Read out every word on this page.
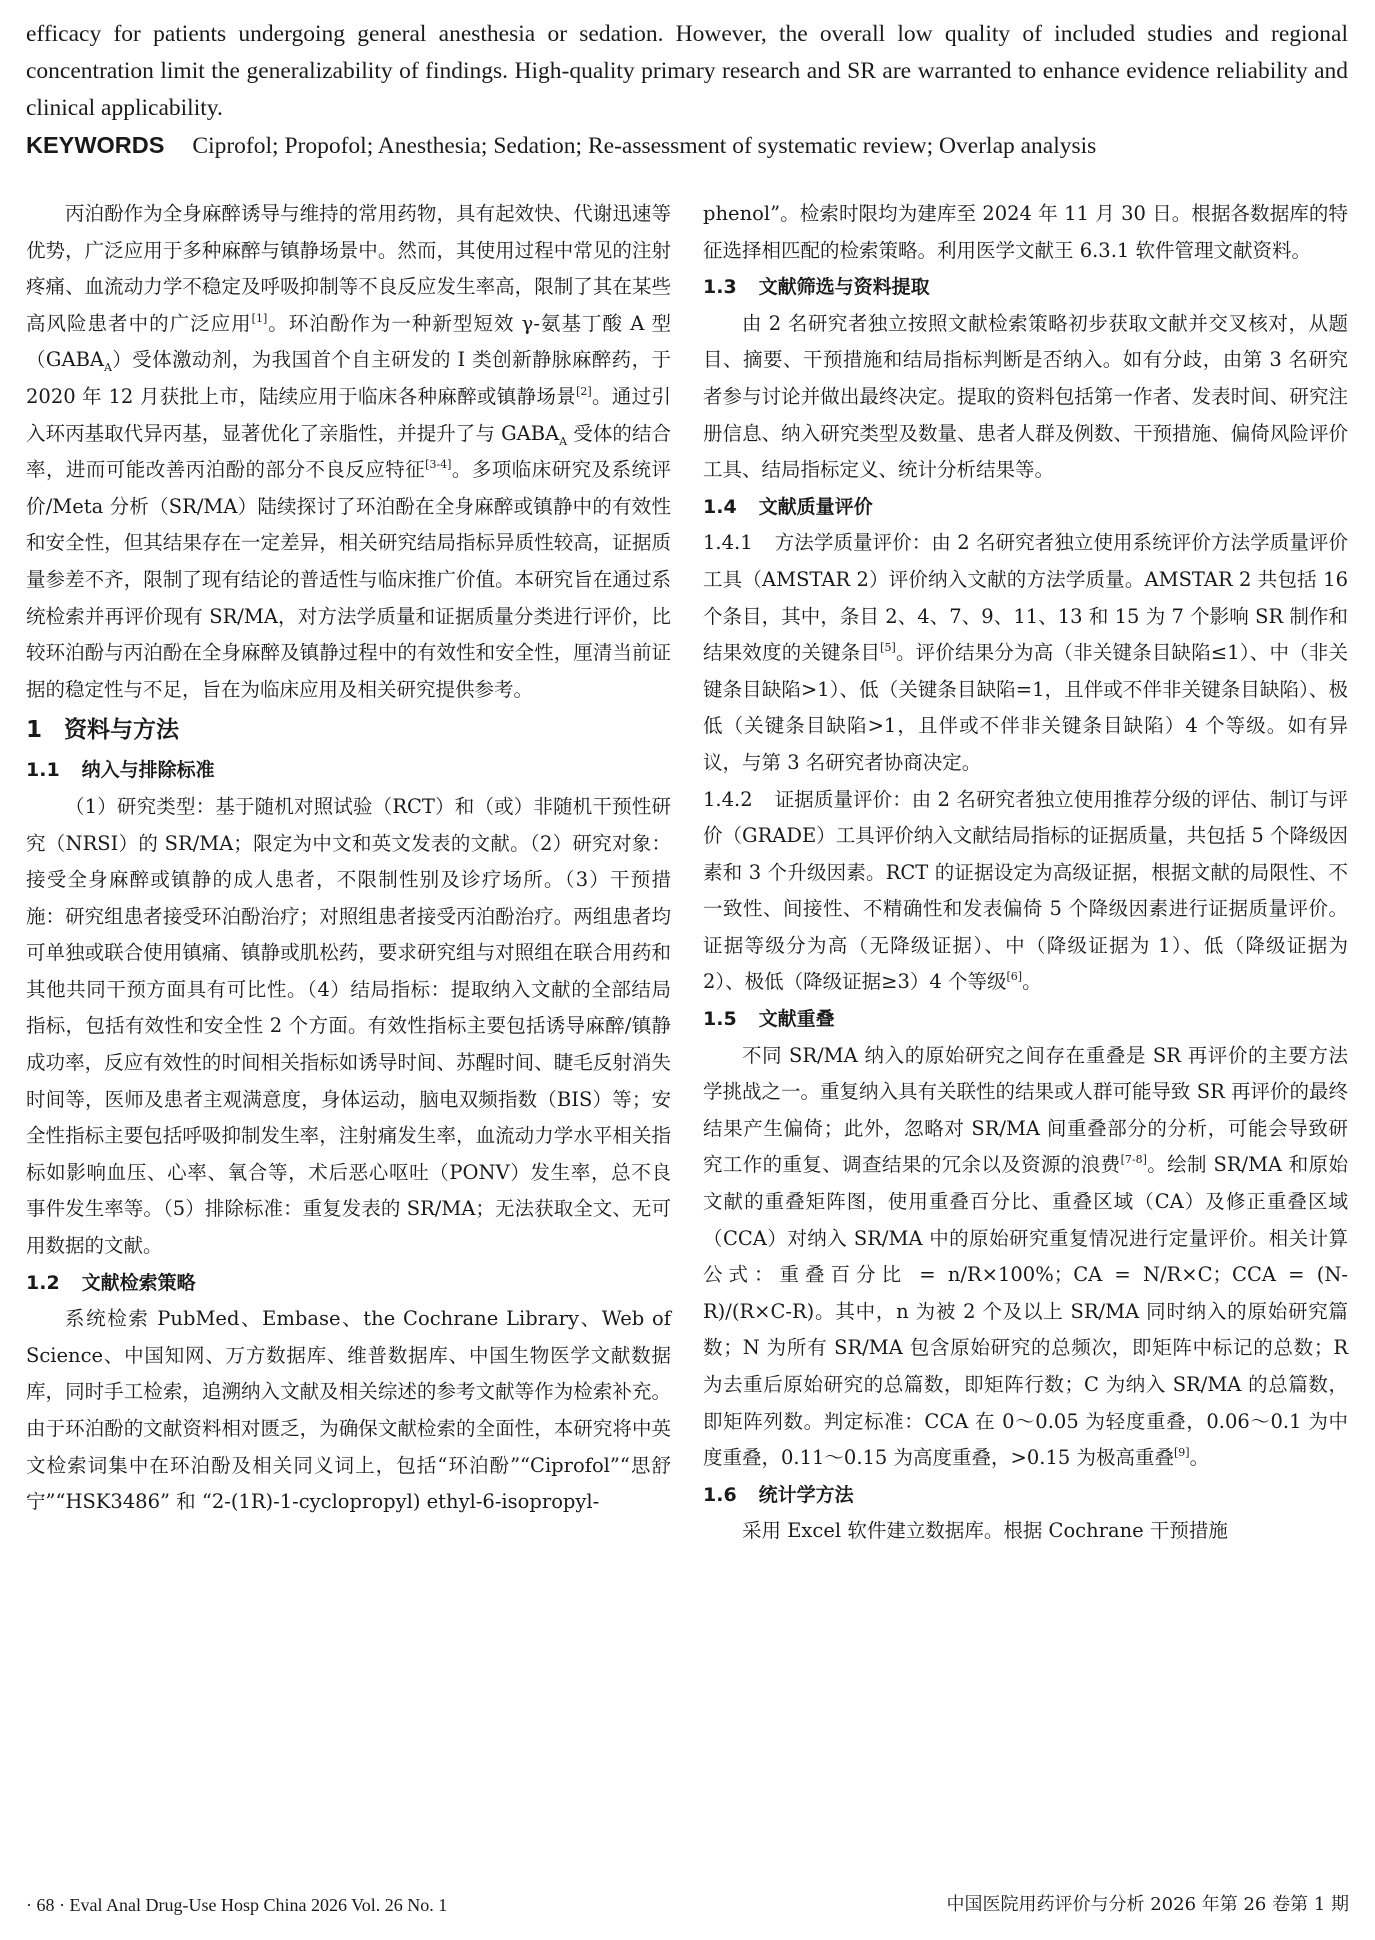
efficacy for patients undergoing general anesthesia or sedation. However, the overall low quality of included studies and regional concentration limit the generalizability of findings. High-quality primary research and SR are warranted to enhance evidence reliability and clinical applicability.

KEYWORDS Ciprofol; Propofol; Anesthesia; Sedation; Re-assessment of systematic review; Overlap analysis

丙泊酚作为全身麻醉诱导与维持的常用药物，具有起效快、代谢迅速等优势，广泛应用于多种麻醉与镇静场景中。然而，其使用过程中常见的注射疼痛、血流动力学不稳定及呼吸抑制等不良反应发生率高，限制了其在某些高风险患者中的广泛应用[1]。环泊酚作为一种新型短效 γ-氨基丁酸 A 型$(GABA_A)$受体激动剂，为我国首个自主研发的 Ⅰ 类创新静脉麻醉药，于 2020 年 12 月获批上市，陆续应用于临床各种麻醉或镇静场景[2]。通过引入环丙基取代异丙基，显著优化了亲脂性，并提升了与 $GABA_A$ 受体的结合率，进而可能改善丙泊酚的部分不良反应特征[3-4]。多项临床研究及系统评价/Meta 分析（SR/MA）陆续探讨了环泊酚在全身麻醉或镇静中的有效性和安全性，但其结果存在一定差异，相关研究结局指标异质性较高，证据质量参差不齐，限制了现有结论的普适性与临床推广价值。本研究旨在通过系统检索并再评价现有 SR/MA，对方法学质量和证据质量分类进行评价，比较环泊酚与丙泊酚在全身麻醉及镇静过程中的有效性和安全性，厘清当前证据的稳定性与不足，旨在为临床应用及相关研究提供参考。

1 资料与方法

1.1 纳入与排除标准

（1）研究类型：基于随机对照试验（RCT）和（或）非随机干预性研究（NRSI）的 SR/MA；限定为中文和英文发表的文献。（2）研究对象：接受全身麻醉或镇静的成人患者，不限制性别及诊疗场所。（3）干预措施：研究组患者接受环泊酚治疗；对照组患者接受丙泊酚治疗。两组患者均可单独或联合使用镇痛、镇静或肌松药，要求研究组与对照组在联合用药和其他共同干预方面具有可比性。（4）结局指标：提取纳入文献的全部结局指标，包括有效性和安全性 2 个方面。有效性指标主要包括诱导麻醉/镇静成功率，反应有效性的时间相关指标如诱导时间、苏醒时间、睫毛反射消失时间等，医师及患者主观满意度，身体运动，脑电双频指数（BIS）等；安全性指标主要包括呼吸抑制发生率，注射痛发生率，血流动力学水平相关指标如影响血压、心率、氧合等，术后恶心呕吐（PONV）发生率，总不良事件发生率等。（5）排除标准：重复发表的 SR/MA；无法获取全文、无可用数据的文献。

1.2 文献检索策略

系统检索 PubMed、Embase、the Cochrane Library、Web of Science、中国知网、万方数据库、维普数据库、中国生物医学文献数据库，同时手工检索，追溯纳入文献及相关综述的参考文献等作为检索补充。由于环泊酚的文献资料相对匮乏，为确保文献检索的全面性，本研究将中英文检索词集中在环泊酚及相关同义词上，包括“环泊酚”“Ciprofol”“思舒宁”“HSK3486” 和 “2-(1R)-1-cyclopropyl) ethyl-6-isopropyl-

phenol”。检索时限均为建库至 2024 年 11 月 30 日。根据各数据库的特征选择相匹配的检索策略。利用医学文献王 6.3.1 软件管理文献资料。

1.3 文献筛选与资料提取

由 2 名研究者独立按照文献检索策略初步获取文献并交叉核对，从题目、摘要、干预措施和结局指标判断是否纳入。如有分歧，由第 3 名研究者参与讨论并做出最终决定。提取的资料包括第一作者、发表时间、研究注册信息、纳入研究类型及数量、患者人群及例数、干预措施、偏倚风险评价工具、结局指标定义、统计分析结果等。

1.4 文献质量评价

1.4.1 方法学质量评价：由 2 名研究者独立使用系统评价方法学质量评价工具（AMSTAR 2）评价纳入文献的方法学质量。AMSTAR 2 共包括 16 个条目，其中，条目 2、4、7、9、11、13 和 15 为 7 个影响 SR 制作和结果效度的关键条目[5]。评价结果分为高（非关键条目缺陷≤1）、中（非关键条目缺陷>1）、低（关键条目缺陷=1，且伴或不伴非关键条目缺陷）、极低（关键条目缺陷>1，且伴或不伴非关键条目缺陷）4 个等级。如有异议，与第 3 名研究者协商决定。

1.4.2 证据质量评价：由 2 名研究者独立使用推荐分级的评估、制订与评价（GRADE）工具评价纳入文献结局指标的证据质量，共包括 5 个降级因素和 3 个升级因素。RCT 的证据设定为高级证据，根据文献的局限性、不一致性、间接性、不精确性和发表偏倚 5 个降级因素进行证据质量评价。证据等级分为高（无降级证据）、中（降级证据为 1）、低（降级证据为 2）、极低（降级证据≥3）4 个等级[6]。

1.5 文献重叠

不同 SR/MA 纳入的原始研究之间存在重叠是 SR 再评价的主要方法学挑战之一。重复纳入具有关联性的结果或人群可能导致 SR 再评价的最终结果产生偏倚；此外，忽略对 SR/MA 间重叠部分的分析，可能会导致研究工作的重复、调查结果的冗余以及资源的浪费[7-8]。绘制 SR/MA 和原始文献的重叠矩阵图，使用重叠百分比、重叠区域（CA）及修正重叠区域（CCA）对纳入 SR/MA 中的原始研究重复情况进行定量评价。相关计算公式：重叠百分比 = n/R×100%；CA = N/R×C；CCA = (N-R)/(R×C-R)。其中，n 为被 2 个及以上 SR/MA 同时纳入的原始研究篇数；N 为所有 SR/MA 包含原始研究的总频次，即矩阵中标记的总数；R 为去重后原始研究的总篇数，即矩阵行数；C 为纳入 SR/MA 的总篇数，即矩阵列数。判定标准：CCA 在 0～0.05 为轻度重叠，0.06～0.1 为中度重叠，0.11～0.15 为高度重叠，>0.15 为极高重叠[9]。

1.6 统计学方法

采用 Excel 软件建立数据库。根据 Cochrane 干预措施

· 68 · Eval Anal Drug-Use Hosp China 2026 Vol. 26 No. 1	中国医院用药评价与分析 2026 年第 26 卷第 1 期
